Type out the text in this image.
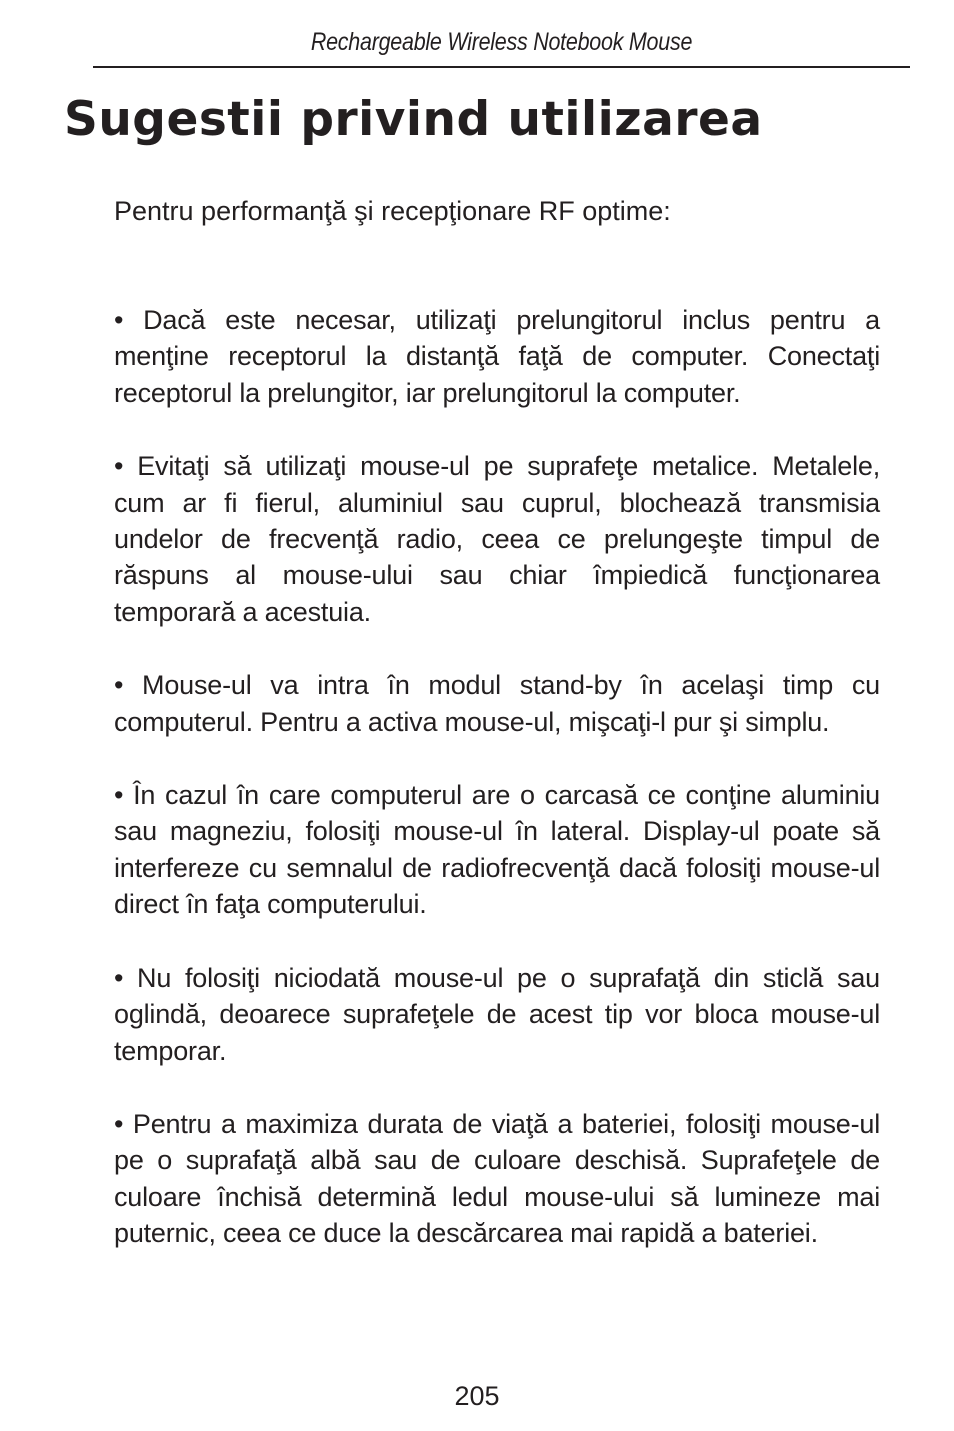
Rechargeable Wireless Notebook Mouse
Sugestii privind utilizarea

Pentru performanţă şi recepţionare RF optime:

• Dacă este necesar, utilizaţi prelungitorul inclus pentru a menţine receptorul la distanţă faţă de computer. Conectaţi receptorul la prelungitor, iar prelungitorul la computer.
• Evitaţi să utilizaţi mouse-ul pe suprafeţe metalice. Metalele, cum ar fi fierul, aluminiul sau cuprul, blochează transmisia undelor de frecvenţă radio, ceea ce prelungeşte timpul de răspuns al mouse-ului sau chiar împiedică funcţionarea temporară a acestuia.
• Mouse-ul va intra în modul stand-by în acelaşi timp cu computerul. Pentru a activa mouse-ul, mişcaţi-l pur şi simplu.
• În cazul în care computerul are o carcasă ce conţine aluminiu sau magneziu, folosiţi mouse-ul în lateral. Display-ul poate să interfereze cu semnalul de radiofrecvenţă dacă folosiţi mouse-ul direct în faţa computerului.
• Nu folosiţi niciodată mouse-ul pe o suprafaţă din sticlă sau oglindă, deoarece suprafeţele de acest tip vor bloca mouse-ul temporar.
• Pentru a maximiza durata de viaţă a bateriei, folosiţi mouse-ul pe o suprafaţă albă sau de culoare deschisă. Suprafeţele de culoare închisă determină ledul mouse-ului să lumineze mai puternic, ceea ce duce la descărcarea mai rapidă a bateriei.
205
